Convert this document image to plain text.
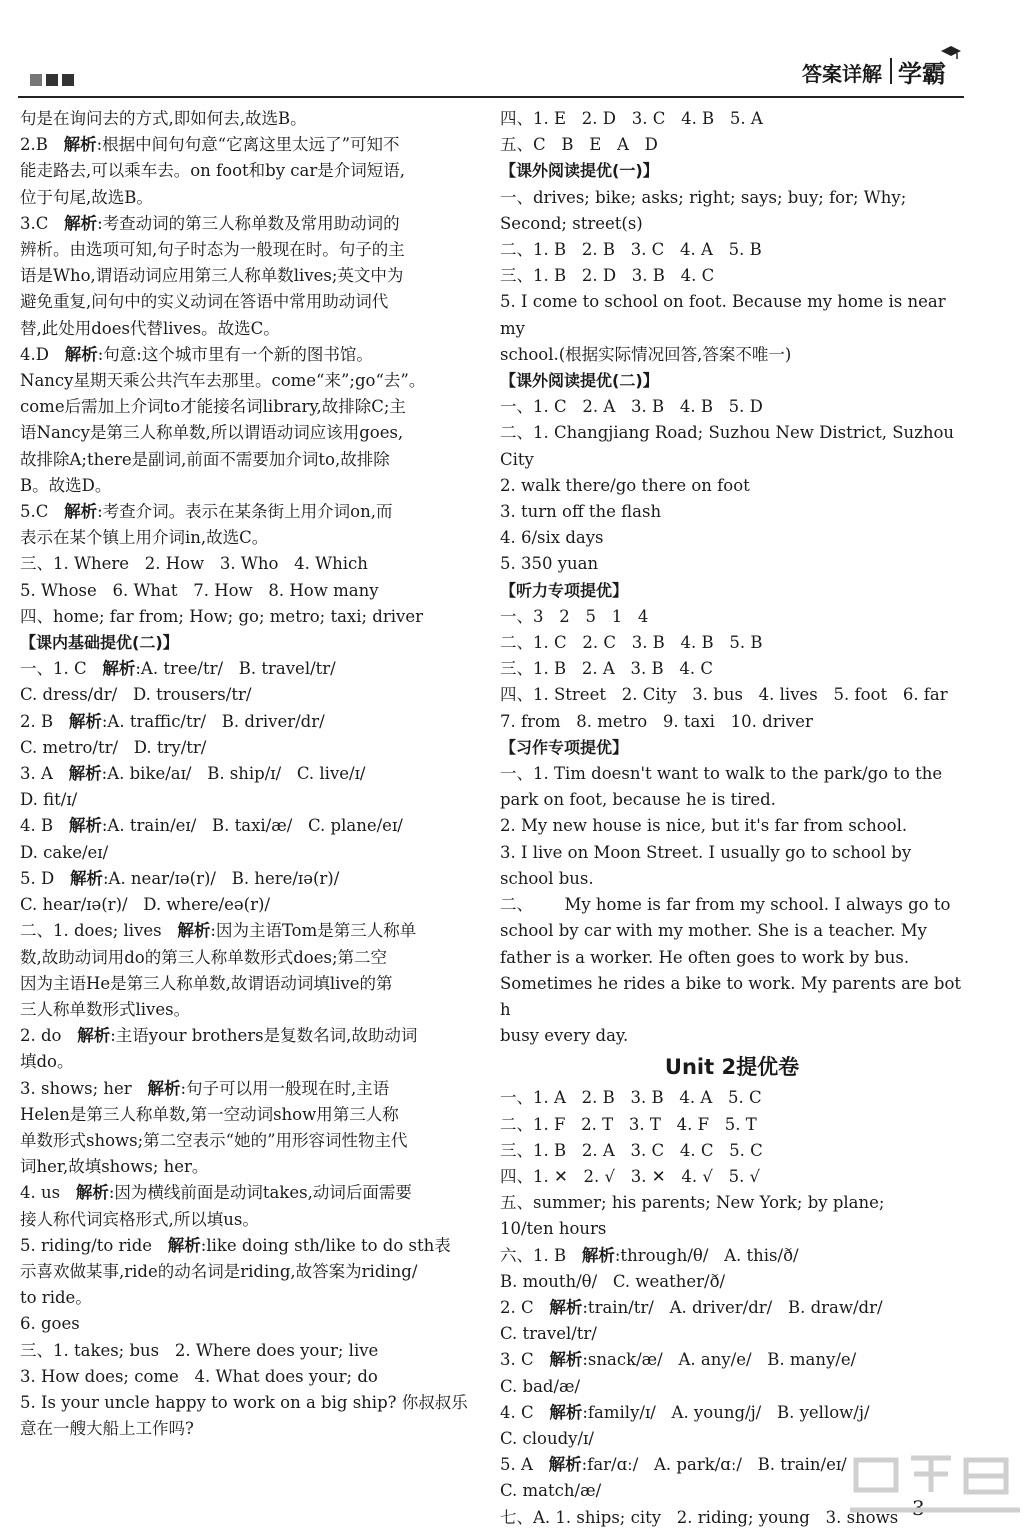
答案详解 学霸

句是在询问去的方式,即如何去,故选B。

2.B 解析:根据中间句句意“它离这里太远了”可知不

能走路去,可以乘车去。on foot和by car是介词短语,

位于句尾,故选B。

3.C 解析:考查动词的第三人称单数及常用助动词的

辨析。由选项可知,句子时态为一般现在时。句子的主

语是Who,谓语动词应用第三人称单数lives;英文中为

避免重复,问句中的实义动词在答语中常用助动词代

替,此处用does代替lives。故选C。

4.D 解析:句意:这个城市里有一个新的图书馆。

Nancy星期天乘公共汽车去那里。come“来”;go“去”。

come后需加上介词to才能接名词library,故排除C;主

语Nancy是第三人称单数,所以谓语动词应该用goes,

故排除A;there是副词,前面不需要加介词to,故排除

B。故选D。

5.C 解析:考查介词。表示在某条街上用介词on,而

表示在某个镇上用介词in,故选C。

三、1. Where   2. How   3. Who   4. Which

5. Whose   6. What   7. How   8. How many

四、home; far from; How; go; metro; taxi; driver

【课内基础提优(二)】

一、1. C 解析:A. tree/tr/   B. travel/tr/

C. dress/dr/   D. trousers/tr/

2. B 解析:A. traffic/tr/   B. driver/dr/

C. metro/tr/   D. try/tr/

3. A 解析:A. bike/aɪ/   B. ship/ɪ/   C. live/ɪ/

D. fit/ɪ/

4. B 解析:A. train/eɪ/   B. taxi/æ/   C. plane/eɪ/

D. cake/eɪ/

5. D 解析:A. near/ɪə(r)/   B. here/ɪə(r)/

C. hear/ɪə(r)/   D. where/eə(r)/

二、1. does; lives 解析:因为主语Tom是第三人称单

数,故助动词用do的第三人称单数形式does;第二空

因为主语He是第三人称单数,故谓语动词填live的第

三人称单数形式lives。

2. do 解析:主语your brothers是复数名词,故助动词

填do。

3. shows; her 解析:句子可以用一般现在时,主语

Helen是第三人称单数,第一空动词show用第三人称

单数形式shows;第二空表示“她的”用形容词性物主代

词her,故填shows; her。

4. us 解析:因为横线前面是动词takes,动词后面需要

接人称代词宾格形式,所以填us。

5. riding/to ride 解析:like doing sth/like to do sth表

示喜欢做某事,ride的动名词是riding,故答案为riding/

to ride。

6. goes

三、1. takes; bus   2. Where does your; live

3. How does; come   4. What does your; do

5. Is your uncle happy to work on a big ship? 你叔叔乐

意在一艘大船上工作吗?

四、1. E   2. D   3. C   4. B   5. A

五、C   B   E   A   D

【课外阅读提优(一)】

一、drives; bike; asks; right; says; buy; for; Why;

Second; street(s)

二、1. B   2. B   3. C   4. A   5. B

三、1. B   2. D   3. B   4. C

5. I come to school on foot. Because my home is near my

school.(根据实际情况回答,答案不唯一)

【课外阅读提优(二)】

一、1. C   2. A   3. B   4. B   5. D

二、1. Changjiang Road; Suzhou New District, Suzhou

City

2. walk there/go there on foot

3. turn off the flash

4. 6/six days

5. 350 yuan

【听力专项提优】

一、3   2   5   1   4

二、1. C   2. C   3. B   4. B   5. B

三、1. B   2. A   3. B   4. C

四、1. Street   2. City   3. bus   4. lives   5. foot   6. far

7. from   8. metro   9. taxi   10. driver

【习作专项提优】

一、1. Tim doesn't want to walk to the park/go to the

park on foot, because he is tired.

2. My new house is nice, but it's far from school.

3. I live on Moon Street. I usually go to school by

school bus.

二、      My home is far from my school. I always go to

school by car with my mother. She is a teacher. My

father is a worker. He often goes to work by bus.

Sometimes he rides a bike to work. My parents are both

busy every day.

Unit 2提优卷

一、1. A   2. B   3. B   4. A   5. C

二、1. F   2. T   3. T   4. F   5. T

三、1. B   2. A   3. C   4. C   5. C

四、1. ✕   2. √   3. ✕   4. √   5. √

五、summer; his parents; New York; by plane;

10/ten hours

六、1. B 解析:through/θ/   A. this/ð/

B. mouth/θ/   C. weather/ð/

2. C 解析:train/tr/   A. driver/dr/   B. draw/dr/

C. travel/tr/

3. C 解析:snack/æ/   A. any/e/   B. many/e/

C. bad/æ/

4. C 解析:family/ɪ/   A. young/j/   B. yellow/j/

C. cloudy/ɪ/

5. A 解析:far/ɑː/   A. park/ɑː/   B. train/eɪ/

C. match/æ/

七、A. 1. ships; city   2. riding; young   3. shows 3
